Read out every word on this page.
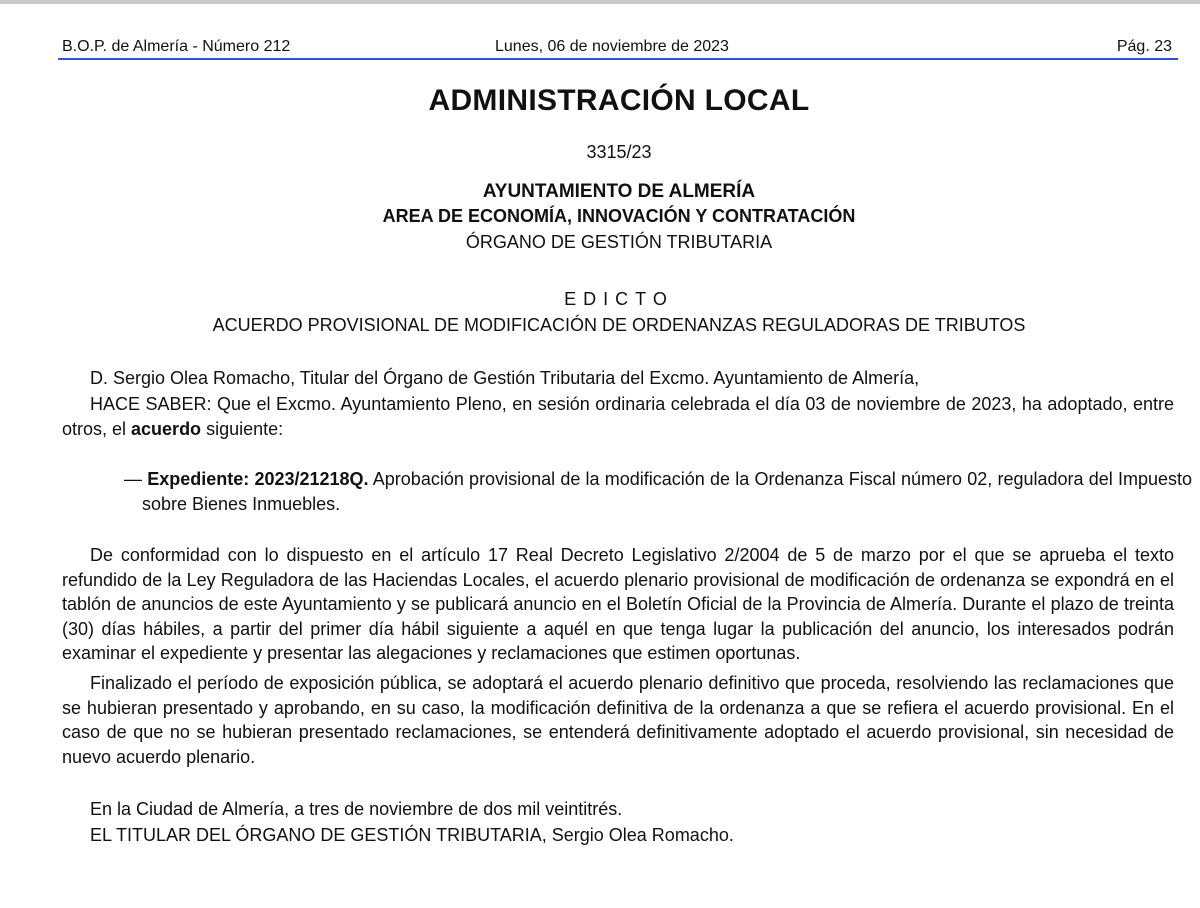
B.O.P. de Almería - Número 212	Lunes, 06 de noviembre de 2023	Pág. 23
ADMINISTRACIÓN LOCAL
3315/23
AYUNTAMIENTO DE ALMERÍA
AREA DE ECONOMÍA, INNOVACIÓN Y CONTRATACIÓN
ÓRGANO DE GESTIÓN TRIBUTARIA
EDICTO
ACUERDO PROVISIONAL DE MODIFICACIÓN DE ORDENANZAS REGULADORAS DE TRIBUTOS
D. Sergio Olea Romacho, Titular del Órgano de Gestión Tributaria del Excmo. Ayuntamiento de Almería,
HACE SABER: Que el Excmo. Ayuntamiento Pleno, en sesión ordinaria celebrada el día 03 de noviembre de 2023, ha adoptado, entre otros, el acuerdo siguiente:
— Expediente: 2023/21218Q. Aprobación provisional de la modificación de la Ordenanza Fiscal número 02, reguladora del Impuesto sobre Bienes Inmuebles.
De conformidad con lo dispuesto en el artículo 17 Real Decreto Legislativo 2/2004 de 5 de marzo por el que se aprueba el texto refundido de la Ley Reguladora de las Haciendas Locales, el acuerdo plenario provisional de modificación de ordenanza se expondrá en el tablón de anuncios de este Ayuntamiento y se publicará anuncio en el Boletín Oficial de la Provincia de Almería. Durante el plazo de treinta (30) días hábiles, a partir del primer día hábil siguiente a aquél en que tenga lugar la publicación del anuncio, los interesados podrán examinar el expediente y presentar las alegaciones y reclamaciones que estimen oportunas.
Finalizado el período de exposición pública, se adoptará el acuerdo plenario definitivo que proceda, resolviendo las reclamaciones que se hubieran presentado y aprobando, en su caso, la modificación definitiva de la ordenanza a que se refiera el acuerdo provisional. En el caso de que no se hubieran presentado reclamaciones, se entenderá definitivamente adoptado el acuerdo provisional, sin necesidad de nuevo acuerdo plenario.
En la Ciudad de Almería, a tres de noviembre de dos mil veintitrés.
EL TITULAR DEL ÓRGANO DE GESTIÓN TRIBUTARIA, Sergio Olea Romacho.
